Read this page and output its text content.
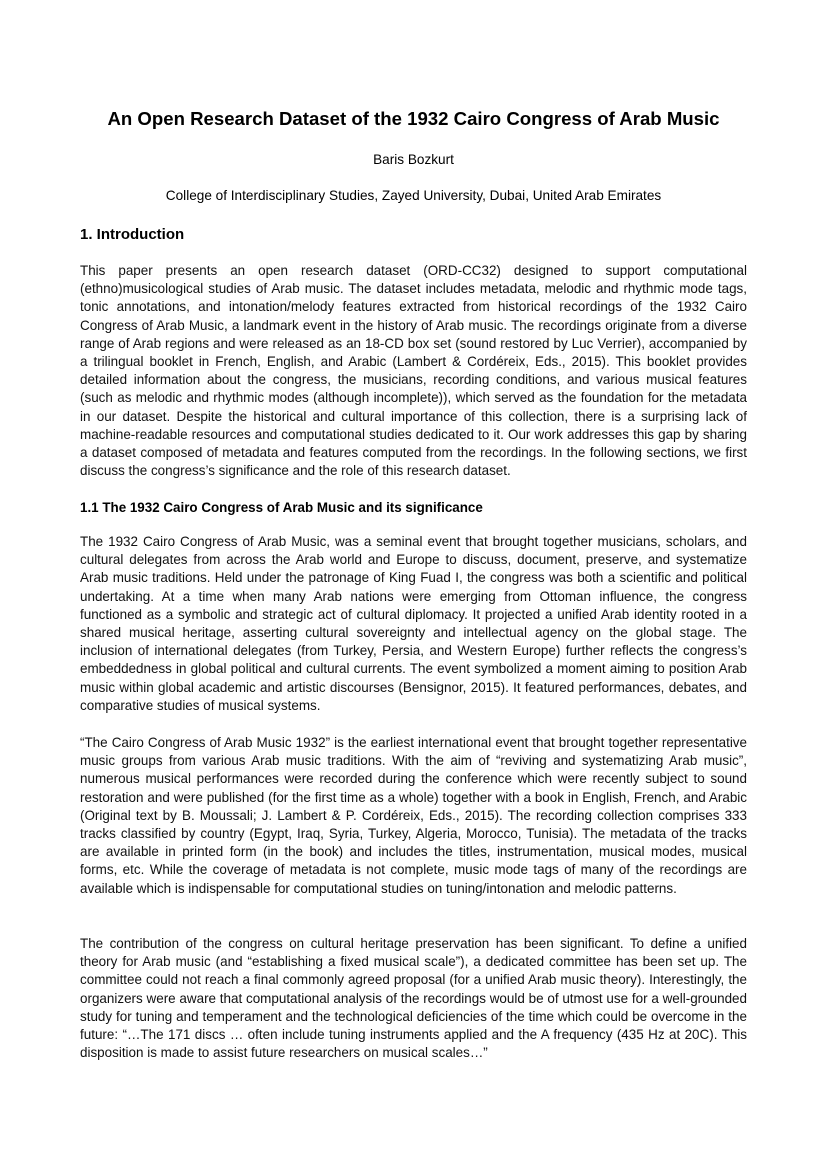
An Open Research Dataset of the 1932 Cairo Congress of Arab Music
Baris Bozkurt
College of Interdisciplinary Studies, Zayed University, Dubai, United Arab Emirates
1. Introduction

This paper presents an open research dataset (ORD-CC32) designed to support computational (ethno)musicological studies of Arab music. The dataset includes metadata, melodic and rhythmic mode tags, tonic annotations, and intonation/melody features extracted from historical recordings of the 1932 Cairo Congress of Arab Music, a landmark event in the history of Arab music. The recordings originate from a diverse range of Arab regions and were released as an 18-CD box set (sound restored by Luc Verrier), accompanied by a trilingual booklet in French, English, and Arabic (Lambert & Cordéreix, Eds., 2015). This booklet provides detailed information about the congress, the musicians, recording conditions, and various musical features (such as melodic and rhythmic modes (although incomplete)), which served as the foundation for the metadata in our dataset. Despite the historical and cultural importance of this collection, there is a surprising lack of machine-readable resources and computational studies dedicated to it. Our work addresses this gap by sharing a dataset composed of metadata and features computed from the recordings. In the following sections, we first discuss the congress’s significance and the role of this research dataset.

1.1 The 1932 Cairo Congress of Arab Music and its significance

The 1932 Cairo Congress of Arab Music, was a seminal event that brought together musicians, scholars, and cultural delegates from across the Arab world and Europe to discuss, document, preserve, and systematize Arab music traditions. Held under the patronage of King Fuad I, the congress was both a scientific and political undertaking. At a time when many Arab nations were emerging from Ottoman influence, the congress functioned as a symbolic and strategic act of cultural diplomacy. It projected a unified Arab identity rooted in a shared musical heritage, asserting cultural sovereignty and intellectual agency on the global stage. The inclusion of international delegates (from Turkey, Persia, and Western Europe) further reflects the congress’s embeddedness in global political and cultural currents. The event symbolized a moment aiming to position Arab music within global academic and artistic discourses (Bensignor, 2015). It featured performances, debates, and comparative studies of musical systems.

“The Cairo Congress of Arab Music 1932” is the earliest international event that brought together representative music groups from various Arab music traditions. With the aim of “reviving and systematizing Arab music”, numerous musical performances were recorded during the conference which were recently subject to sound restoration and were published (for the first time as a whole) together with a book in English, French, and Arabic (Original text by B. Moussali; J. Lambert & P. Cordéreix, Eds., 2015). The recording collection comprises 333 tracks classified by country (Egypt, Iraq, Syria, Turkey, Algeria, Morocco, Tunisia). The metadata of the tracks are available in printed form (in the book) and includes the titles, instrumentation, musical modes, musical forms, etc. While the coverage of metadata is not complete, music mode tags of many of the recordings are available which is indispensable for computational studies on tuning/intonation and melodic patterns.

The contribution of the congress on cultural heritage preservation has been significant. To define a unified theory for Arab music (and “establishing a fixed musical scale”), a dedicated committee has been set up. The committee could not reach a final commonly agreed proposal (for a unified Arab music theory). Interestingly, the organizers were aware that computational analysis of the recordings would be of utmost use for a well-grounded study for tuning and temperament and the technological deficiencies of the time which could be overcome in the future: “…The 171 discs … often include tuning instruments applied and the A frequency (435 Hz at 20C). This disposition is made to assist future researchers on musical scales…”
